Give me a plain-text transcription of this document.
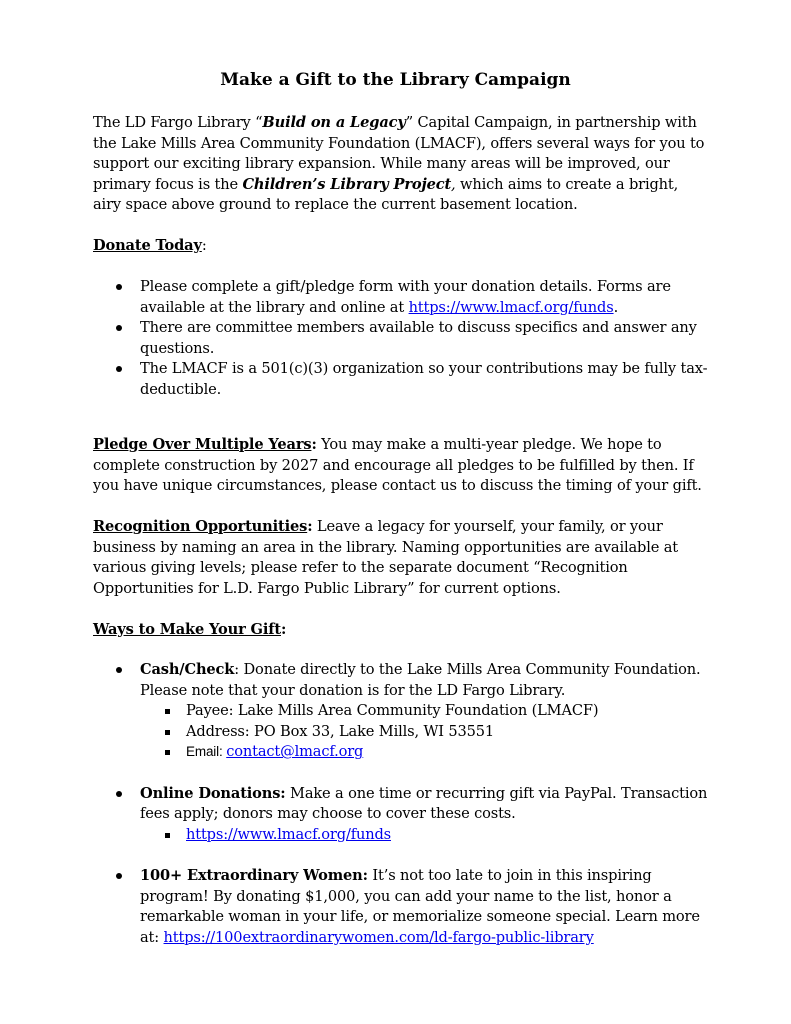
Make a Gift to the Library Campaign

The LD Fargo Library “Build on a Legacy” Capital Campaign, in partnership with the Lake Mills Area Community Foundation (LMACF), offers several ways for you to support our exciting library expansion. While many areas will be improved, our primary focus is the Children’s Library Project, which aims to create a bright, airy space above ground to replace the current basement location.

Donate Today:

Please complete a gift/pledge form with your donation details. Forms are available at the library and online at https://www.lmacf.org/funds.
There are committee members available to discuss specifics and answer any questions.
The LMACF is a 501(c)(3) organization so your contributions may be fully tax-deductible.

Pledge Over Multiple Years: You may make a multi-year pledge. We hope to complete construction by 2027 and encourage all pledges to be fulfilled by then. If you have unique circumstances, please contact us to discuss the timing of your gift.

Recognition Opportunities: Leave a legacy for yourself, your family, or your business by naming an area in the library. Naming opportunities are available at various giving levels; please refer to the separate document “Recognition Opportunities for L.D. Fargo Public Library” for current options.

Ways to Make Your Gift:

Cash/Check: Donate directly to the Lake Mills Area Community Foundation. Please note that your donation is for the LD Fargo Library.
Payee: Lake Mills Area Community Foundation (LMACF)
Address: PO Box 33, Lake Mills, WI 53551
Email: contact@lmacf.org
Online Donations: Make a one time or recurring gift via PayPal. Transaction fees apply; donors may choose to cover these costs.
https://www.lmacf.org/funds
100+ Extraordinary Women: It’s not too late to join in this inspiring program! By donating $1,000, you can add your name to the list, honor a remarkable woman in your life, or memorialize someone special. Learn more at: https://100extraordinarywomen.com/ld-fargo-public-library
